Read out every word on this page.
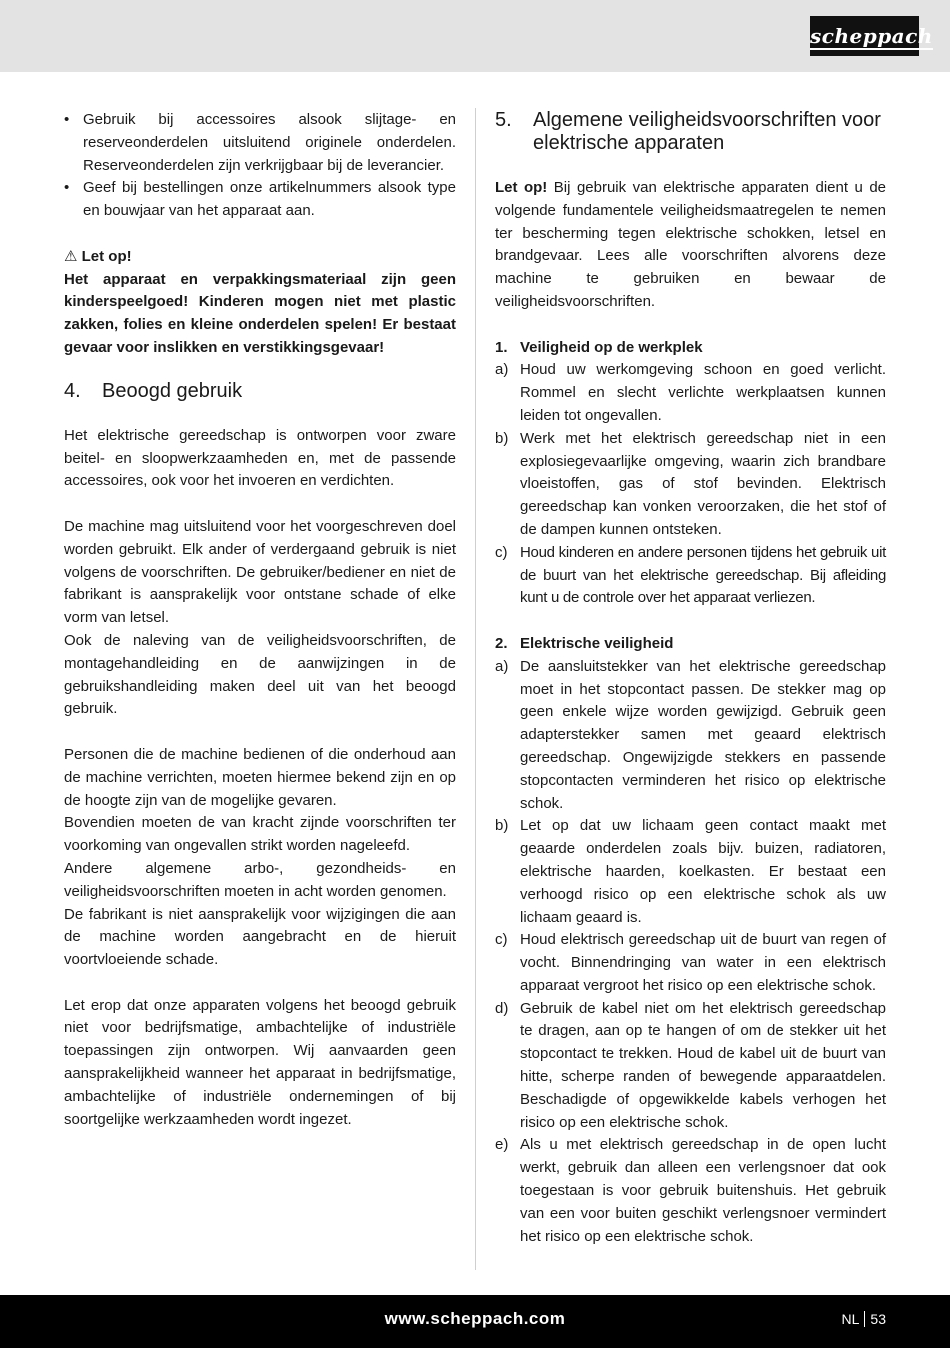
scheppach

• Gebruik bij accessoires alsook slijtage- en reserveonderdelen uitsluitend originele onderdelen. Reserveonderdelen zijn verkrijgbaar bij de leverancier.

• Geef bij bestellingen onze artikelnummers alsook type en bouwjaar van het apparaat aan.

⚠ Let op!

Het apparaat en verpakkingsmateriaal zijn geen kinderspeelgoed! Kinderen mogen niet met plastic zakken, folies en kleine onderdelen spelen! Er bestaat gevaar voor inslikken en verstikkingsgevaar!

4.	Beoogd gebruik

Het elektrische gereedschap is ontworpen voor zware beitel- en sloopwerkzaamheden en, met de passende accessoires, ook voor het invoeren en verdichten.

De machine mag uitsluitend voor het voorgeschreven doel worden gebruikt. Elk ander of verdergaand gebruik is niet volgens de voorschriften. De gebruiker/bediener en niet de fabrikant is aansprakelijk voor ontstane schade of elke vorm van letsel.

Ook de naleving van de veiligheidsvoorschriften, de montagehandleiding en de aanwijzingen in de gebruikshandleiding maken deel uit van het beoogd gebruik.

Personen die de machine bedienen of die onderhoud aan de machine verrichten, moeten hiermee bekend zijn en op de hoogte zijn van de mogelijke gevaren.

Bovendien moeten de van kracht zijnde voorschriften ter voorkoming van ongevallen strikt worden nageleefd.

Andere algemene arbo-, gezondheids- en veiligheidsvoorschriften moeten in acht worden genomen.

De fabrikant is niet aansprakelijk voor wijzigingen die aan de machine worden aangebracht en de hieruit voortvloeiende schade.

Let erop dat onze apparaten volgens het beoogd gebruik niet voor bedrijfsmatige, ambachtelijke of industriële toepassingen zijn ontworpen. Wij aanvaarden geen aansprakelijkheid wanneer het apparaat in bedrijfsmatige, ambachtelijke of industriële ondernemingen of bij soortgelijke werkzaamheden wordt ingezet.

5.	Algemene veiligheidsvoorschriften voor elektrische apparaten

Let op! Bij gebruik van elektrische apparaten dient u de volgende fundamentele veiligheidsmaatregelen te nemen ter bescherming tegen elektrische schokken, letsel en brandgevaar. Lees alle voorschriften alvorens deze machine te gebruiken en bewaar de veiligheidsvoorschriften.

1. Veiligheid op de werkplek
a) Houd uw werkomgeving schoon en goed verlicht. Rommel en slecht verlichte werkplaatsen kunnen leiden tot ongevallen.
b) Werk met het elektrisch gereedschap niet in een explosiegevaarlijke omgeving, waarin zich brandbare vloeistoffen, gas of stof bevinden. Elektrisch gereedschap kan vonken veroorzaken, die het stof of de dampen kunnen ontsteken.
c) Houd kinderen en andere personen tijdens het gebruik uit de buurt van het elektrische gereedschap. Bij afleiding kunt u de controle over het apparaat verliezen.
2. Elektrische veiligheid
a) De aansluitstekker van het elektrische gereedschap moet in het stopcontact passen. De stekker mag op geen enkele wijze worden gewijzigd. Gebruik geen adapterstekker samen met geaard elektrisch gereedschap. Ongewijzigde stekkers en passende stopcontacten verminderen het risico op elektrische schok.
b) Let op dat uw lichaam geen contact maakt met geaarde onderdelen zoals bijv. buizen, radiatoren, elektrische haarden, koelkasten. Er bestaat een verhoogd risico op een elektrische schok als uw lichaam geaard is.
c) Houd elektrisch gereedschap uit de buurt van regen of vocht. Binnendringing van water in een elektrisch apparaat vergroot het risico op een elektrische schok.
d) Gebruik de kabel niet om het elektrisch gereedschap te dragen, aan op te hangen of om de stekker uit het stopcontact te trekken. Houd de kabel uit de buurt van hitte, scherpe randen of bewegende apparaatdelen. Beschadigde of opgewikkelde kabels verhogen het risico op een elektrische schok.
e) Als u met elektrisch gereedschap in de open lucht werkt, gebruik dan alleen een verlengsnoer dat ook toegestaan is voor gebruik buitenshuis. Het gebruik van een voor buiten geschikt verlengsnoer vermindert het risico op een elektrische schok.
www.scheppach.com	NL 53
